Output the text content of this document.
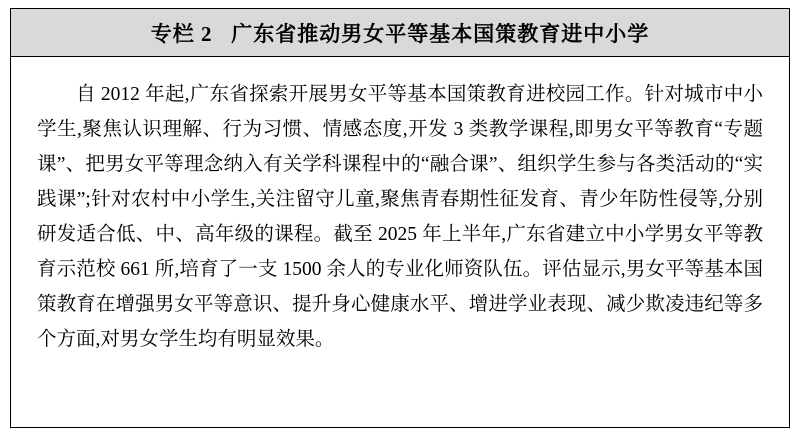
专栏 2   广东省推动男女平等基本国策教育进中小学

自 2012 年起,广东省探索开展男女平等基本国策教育进校园工作。针对城市中小学生,聚焦认识理解、行为习惯、情感态度,开发 3 类教学课程,即男女平等教育“专题课”、把男女平等理念纳入有关学科课程中的“融合课”、组织学生参与各类活动的“实践课”;针对农村中小学生,关注留守儿童,聚焦青春期性征发育、青少年防性侵等,分别研发适合低、中、高年级的课程。截至 2025 年上半年,广东省建立中小学男女平等教育示范校 661 所,培育了一支 1500 余人的专业化师资队伍。评估显示,男女平等基本国策教育在增强男女平等意识、提升身心健康水平、增进学业表现、减少欺凌违纪等多个方面,对男女学生均有明显效果。
